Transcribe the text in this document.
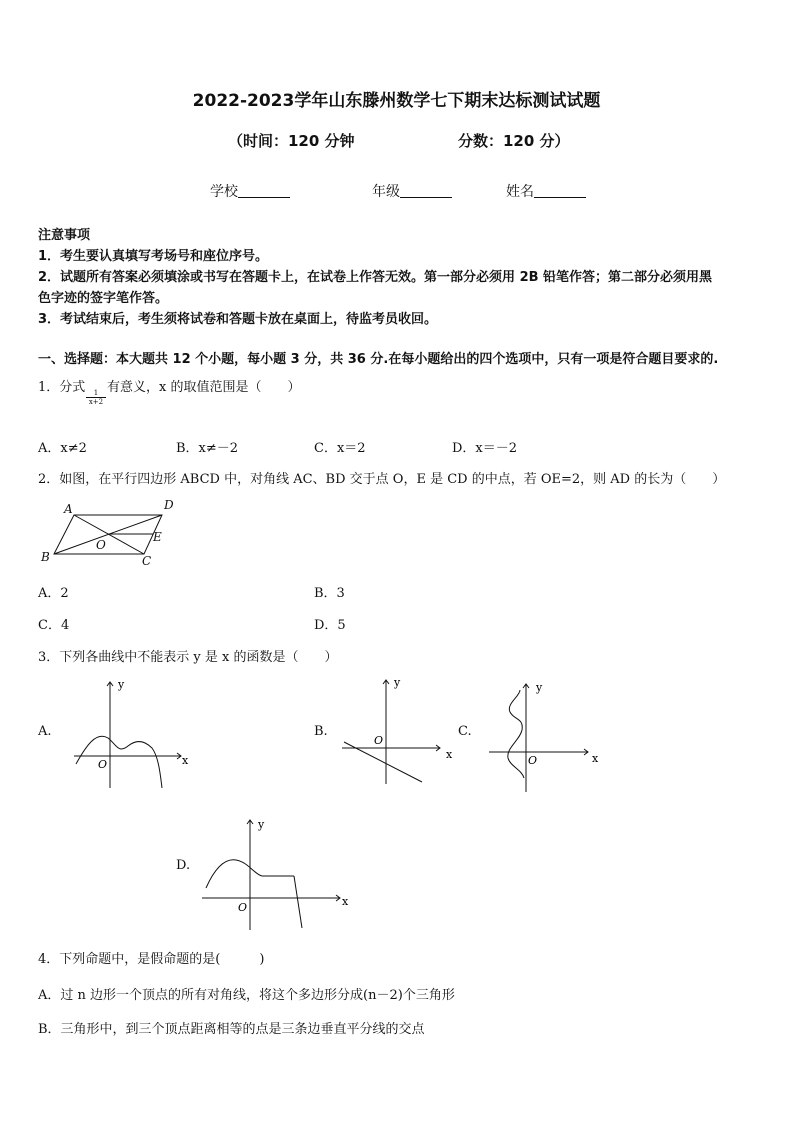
2022-2023学年山东滕州数学七下期末达标测试试题
（时间：120 分钟	分数：120 分）
学校	年级	姓名
注意事项
1．考生要认真填写考场号和座位序号。
2．试题所有答案必须填涂或书写在答题卡上，在试卷上作答无效。第一部分必须用 2B 铅笔作答；第二部分必须用黑
色字迹的签字笔作答。
3．考试结束后，考生须将试卷和答题卡放在桌面上，待监考员收回。
一、选择题：本大题共 12 个小题，每小题 3 分，共 36 分.在每小题给出的四个选项中，只有一项是符合题目要求的.
1．分式
$\frac{1}{x+2}$
有意义，x 的取值范围是（　　）
A．x≠2	B．x≠－2	C．x＝2	D．x＝－2
2．如图，在平行四边形 ABCD 中，对角线 AC、BD 交于点 O，E 是 CD 的中点，若 OE=2，则 AD 的长为（　　）
A	D
B	C
E
O
A．2	B．3
C．4	D．5
3．下列各曲线中不能表示 y 是 x 的函数是（　　）
A.
y
x
O
B.
y
x
O
C.
y
x
O
D.
y
x
O
4．下列命题中，是假命题的是(　　　)
A．过 n 边形一个顶点的所有对角线，将这个多边形分成(n－2)个三角形
B．三角形中，到三个顶点距离相等的点是三条边垂直平分线的交点
